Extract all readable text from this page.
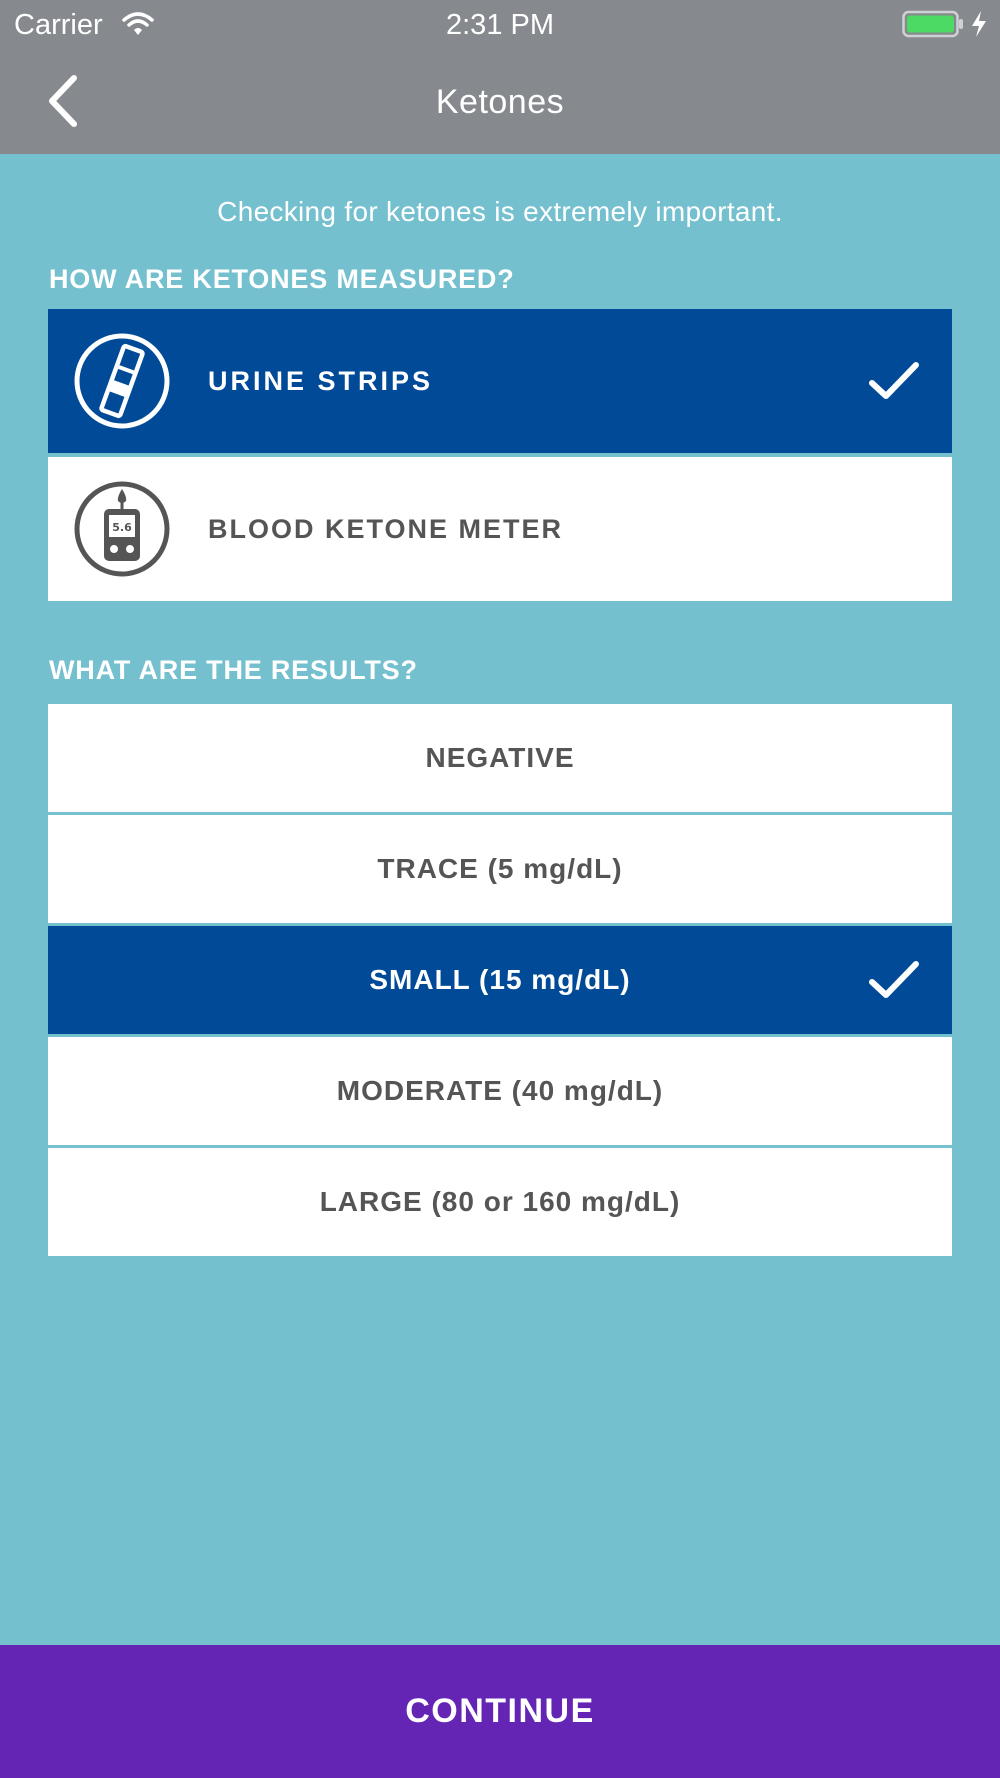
Carrier	2:31 PM
Ketones
Checking for ketones is extremely important.
HOW ARE KETONES MEASURED?
URINE STRIPS
5.6	BLOOD KETONE METER
WHAT ARE THE RESULTS?
NEGATIVE
TRACE (5 mg/dL)
SMALL (15 mg/dL)
MODERATE (40 mg/dL)
LARGE (80 or 160 mg/dL)
CONTINUE
